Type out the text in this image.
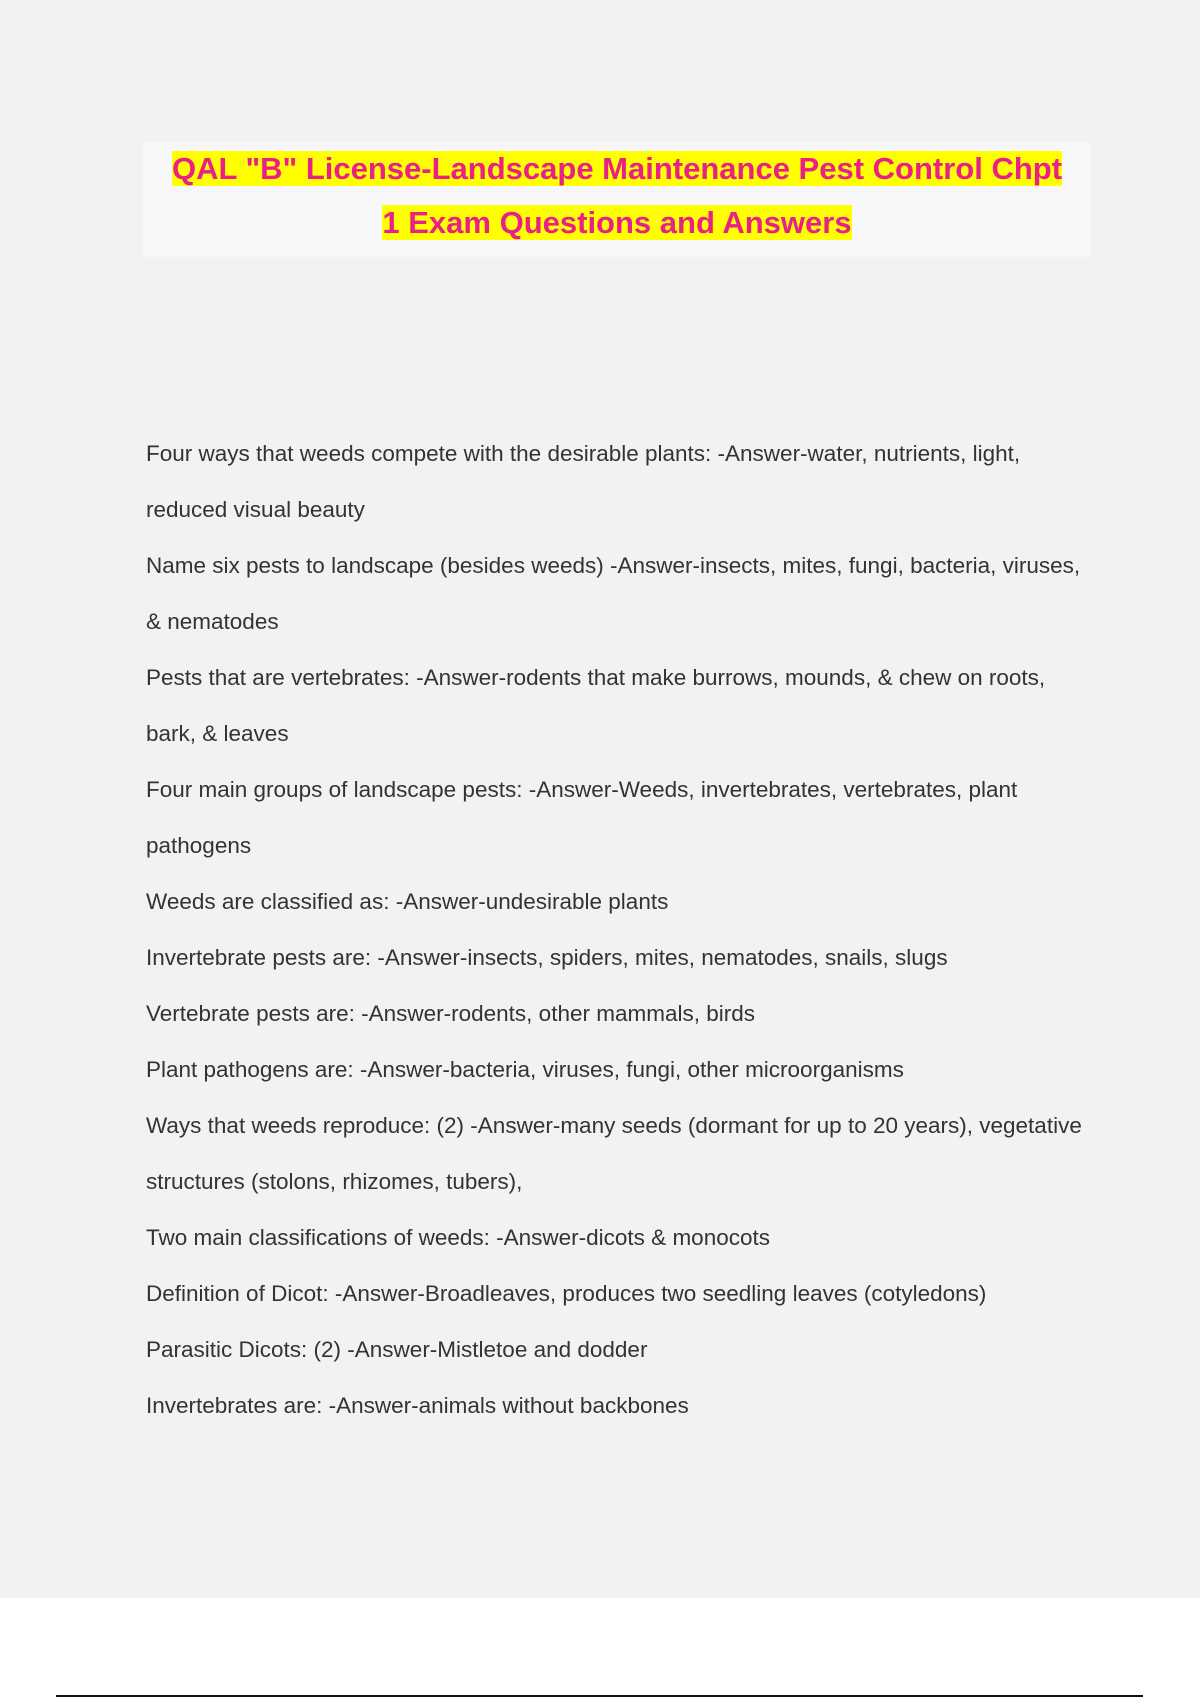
QAL "B" License-Landscape Maintenance Pest Control Chpt
1 Exam Questions and Answers
Four ways that weeds compete with the desirable plants: -Answer-water, nutrients, light, reduced visual beauty
Name six pests to landscape (besides weeds) -Answer-insects, mites, fungi, bacteria, viruses, & nematodes
Pests that are vertebrates: -Answer-rodents that make burrows, mounds, & chew on roots, bark, & leaves
Four main groups of landscape pests: -Answer-Weeds, invertebrates, vertebrates, plant pathogens
Weeds are classified as: -Answer-undesirable plants
Invertebrate pests are: -Answer-insects, spiders, mites, nematodes, snails, slugs
Vertebrate pests are: -Answer-rodents, other mammals, birds
Plant pathogens are: -Answer-bacteria, viruses, fungi, other microorganisms
Ways that weeds reproduce: (2) -Answer-many seeds (dormant for up to 20 years), vegetative structures (stolons, rhizomes, tubers),
Two main classifications of weeds: -Answer-dicots & monocots
Definition of Dicot: -Answer-Broadleaves, produces two seedling leaves (cotyledons)
Parasitic Dicots: (2) -Answer-Mistletoe and dodder
Invertebrates are: -Answer-animals without backbones
